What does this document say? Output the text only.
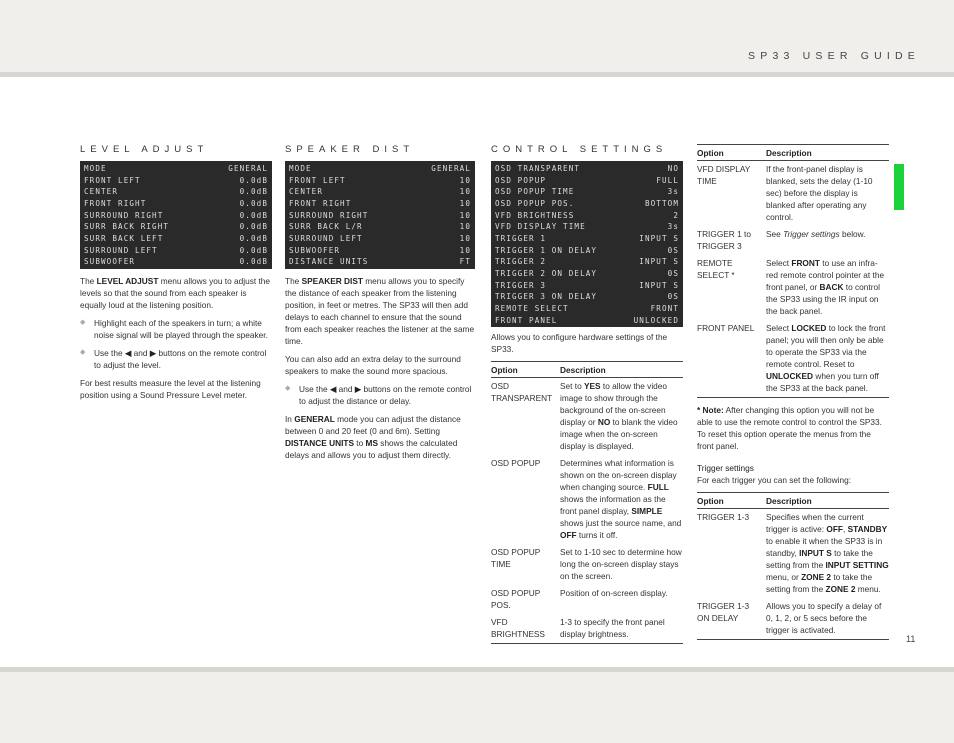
SP33 USER GUIDE
LEVEL ADJUST
MODE	GENERAL
FRONT LEFT	0.0dB
CENTER	0.0dB
FRONT RIGHT	0.0dB
SURROUND RIGHT	0.0dB
SURR BACK RIGHT	0.0dB
SURR BACK LEFT	0.0dB
SURROUND LEFT	0.0dB
SUBWOOFER	0.0dB

The LEVEL ADJUST menu allows you to adjust the levels so that the sound from each speaker is equally loud at the listening position.

◆ Highlight each of the speakers in turn; a white noise signal will be played through the speaker.
◆ Use the ◀ and ▶ buttons on the remote control to adjust the level.

For best results measure the level at the listening position using a Sound Pressure Level meter.

SPEAKER DIST
MODE	GENERAL
FRONT LEFT	10
CENTER	10
FRONT RIGHT	10
SURROUND RIGHT	10
SURR BACK L/R	10
SURROUND LEFT	10
SUBWOOFER	10
DISTANCE UNITS	FT

The SPEAKER DIST menu allows you to specify the distance of each speaker from the listening position, in feet or metres. The SP33 will then add delays to each channel to ensure that the sound from each speaker reaches the listener at the same time.

You can also add an extra delay to the surround speakers to make the sound more spacious.

◆ Use the ◀ and ▶ buttons on the remote control to adjust the distance or delay.

In GENERAL mode you can adjust the distance between 0 and 20 feet (0 and 6m). Setting DISTANCE UNITS to MS shows the calculated delays and allows you to adjust them directly.

CONTROL SETTINGS
OSD TRANSPARENT	NO
OSD POPUP	FULL
OSD POPUP TIME	3s
OSD POPUP POS.	BOTTOM
VFD BRIGHTNESS	2
VFD DISPLAY TIME	3s
TRIGGER 1	INPUT S
TRIGGER 1 ON DELAY	0S
TRIGGER 2	INPUT S
TRIGGER 2 ON DELAY	0S
TRIGGER 3	INPUT S
TRIGGER 3 ON DELAY	0S
REMOTE SELECT	FRONT
FRONT PANEL	UNLOCKED

Allows you to configure hardware settings of the SP33.

Option	Description
OSD TRANSPARENT	Set to YES to allow the video image to show through the background of the on-screen display or NO to blank the video image when the on-screen display is displayed.
OSD POPUP	Determines what information is shown on the on-screen display when changing source. FULL shows the information as the front panel display, SIMPLE shows just the source name, and OFF turns it off.
OSD POPUP TIME	Set to 1-10 sec to determine how long the on-screen display stays on the screen.
OSD POPUP POS.	Position of on-screen display.
VFD BRIGHTNESS	1-3 to specify the front panel display brightness.
Option	Description
VFD DISPLAY TIME	If the front-panel display is blanked, sets the delay (1-10 sec) before the display is blanked after operating any control.
TRIGGER 1 to TRIGGER 3	See Trigger settings below.
REMOTE SELECT *	Select FRONT to use an infra-red remote control pointer at the front panel, or BACK to control the SP33 using the IR input on the back panel.
FRONT PANEL	Select LOCKED to lock the front panel; you will then only be able to operate the SP33 via the remote control. Reset to UNLOCKED when you turn off the SP33 at the back panel.

* Note: After changing this option you will not be able to use the remote control to control the SP33. To reset this option operate the menus from the front panel.

Trigger settings

For each trigger you can set the following:

Option	Description
TRIGGER 1-3	Specifies when the current trigger is active: OFF, STANDBY to enable it when the SP33 is in standby, INPUT S to take the setting from the INPUT SETTING menu, or ZONE 2 to take the setting from the ZONE 2 menu.
TRIGGER 1-3 ON DELAY	Allows you to specify a delay of 0, 1, 2, or 5 secs before the trigger is activated.
11
